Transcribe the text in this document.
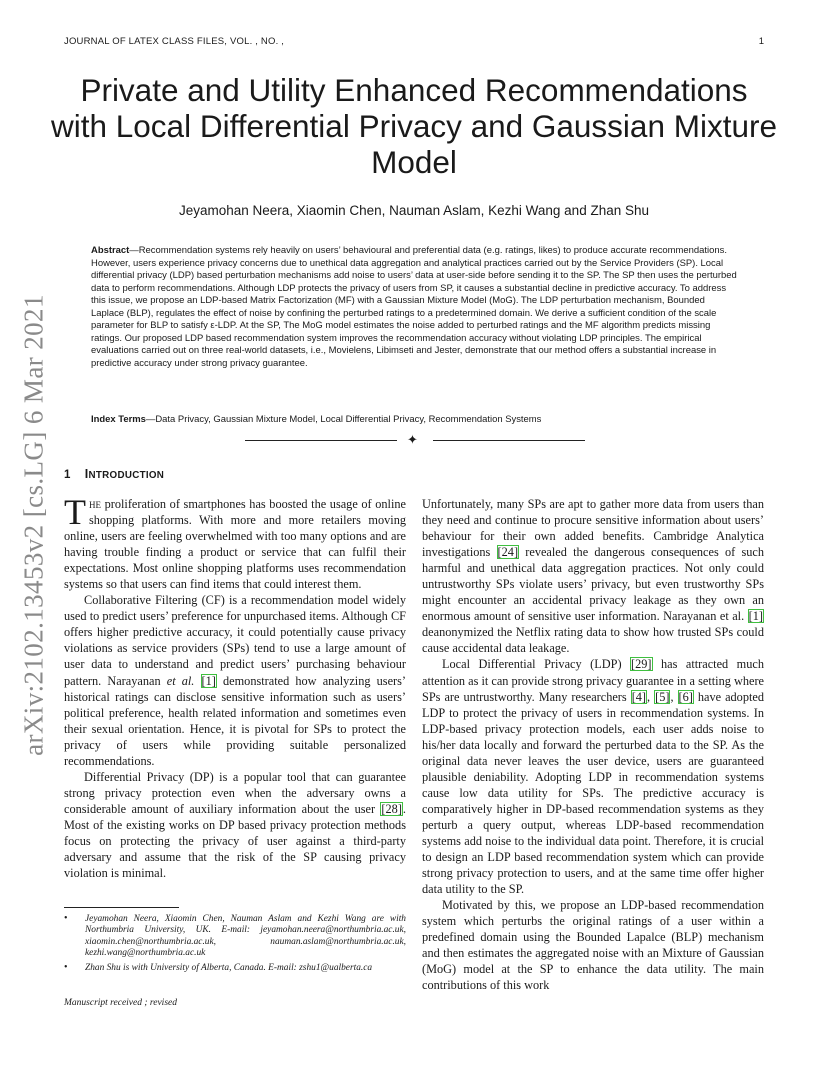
JOURNAL OF LATEX CLASS FILES, VOL. , NO. ,	1
arXiv:2102.13453v2 [cs.LG] 6 Mar 2021
Private and Utility Enhanced Recommendations with Local Differential Privacy and Gaussian Mixture Model
Jeyamohan Neera, Xiaomin Chen, Nauman Aslam, Kezhi Wang and Zhan Shu

Abstract—Recommendation systems rely heavily on users’ behavioural and preferential data (e.g. ratings, likes) to produce accurate recommendations. However, users experience privacy concerns due to unethical data aggregation and analytical practices carried out by the Service Providers (SP). Local differential privacy (LDP) based perturbation mechanisms add noise to users’ data at user-side before sending it to the SP. The SP then uses the perturbed data to perform recommendations. Although LDP protects the privacy of users from SP, it causes a substantial decline in predictive accuracy. To address this issue, we propose an LDP-based Matrix Factorization (MF) with a Gaussian Mixture Model (MoG). The LDP perturbation mechanism, Bounded Laplace (BLP), regulates the effect of noise by confining the perturbed ratings to a predetermined domain. We derive a sufficient condition of the scale parameter for BLP to satisfy ε-LDP. At the SP, The MoG model estimates the noise added to perturbed ratings and the MF algorithm predicts missing ratings. Our proposed LDP based recommendation system improves the recommendation accuracy without violating LDP principles. The empirical evaluations carried out on three real-world datasets, i.e., Movielens, Libimseti and Jester, demonstrate that our method offers a substantial increase in predictive accuracy under strong privacy guarantee.

Index Terms—Data Privacy, Gaussian Mixture Model, Local Differential Privacy, Recommendation Systems

✦
1 INTRODUCTION

The proliferation of smartphones has boosted the usage of online shopping platforms. With more and more retailers moving online, users are feeling overwhelmed with too many options and are having trouble finding a product or service that can fulfil their expectations. Most online shopping platforms uses recommendation systems so that users can find items that could interest them.

Collaborative Filtering (CF) is a recommendation model widely used to predict users’ preference for unpurchased items. Although CF offers higher predictive accuracy, it could potentially cause privacy violations as service providers (SPs) tend to use a large amount of user data to understand and predict users’ purchasing behaviour pattern. Narayanan et al. [1] demonstrated how analyzing users’ historical ratings can disclose sensitive information such as users’ political preference, health related information and sometimes even their sexual orientation. Hence, it is pivotal for SPs to protect the privacy of users while providing suitable personalized recommendations.

Differential Privacy (DP) is a popular tool that can guarantee strong privacy protection even when the adversary owns a considerable amount of auxiliary information about the user [28]. Most of the existing works on DP based privacy protection methods focus on protecting the privacy of user against a third-party adversary and assume that the risk of the SP causing privacy violation is minimal.

Unfortunately, many SPs are apt to gather more data from users than they need and continue to procure sensitive information about users’ behaviour for their own added benefits. Cambridge Analytica investigations [24] revealed the dangerous consequences of such harmful and unethical data aggregation practices. Not only could untrustworthy SPs violate users’ privacy, but even trustworthy SPs might encounter an accidental privacy leakage as they own an enormous amount of sensitive user information. Narayanan et al. [1] deanonymized the Netflix rating data to show how trusted SPs could cause accidental data leakage.

Local Differential Privacy (LDP) [29] has attracted much attention as it can provide strong privacy guarantee in a setting where SPs are untrustworthy. Many researchers [4], [5], [6] have adopted LDP to protect the privacy of users in recommendation systems. In LDP-based privacy protection models, each user adds noise to his/her data locally and forward the perturbed data to the SP. As the original data never leaves the user device, users are guaranteed plausible deniability. Adopting LDP in recommendation systems cause low data utility for SPs. The predictive accuracy is comparatively higher in DP-based recommendation systems as they perturb a query output, whereas LDP-based recommendation systems add noise to the individual data point. Therefore, it is crucial to design an LDP based recommendation system which can provide strong privacy protection to users, and at the same time offer higher data utility to the SP.

Motivated by this, we propose an LDP-based recommendation system which perturbs the original ratings of a user within a predefined domain using the Bounded Lapalce (BLP) mechanism and then estimates the aggregated noise with an Mixture of Gaussian (MoG) model at the SP to enhance the data utility. The main contributions of this work

• Jeyamohan Neera, Xiaomin Chen, Nauman Aslam and Kezhi Wang are with Northumbria University, UK. E-mail: jeyamohan.neera@northumbria.ac.uk, xiaomin.chen@northumbria.ac.uk, nauman.aslam@northumbria.ac.uk, kezhi.wang@northumbria.ac.uk
• Zhan Shu is with University of Alberta, Canada. E-mail: zshu1@ualberta.ca
Manuscript received ; revised
